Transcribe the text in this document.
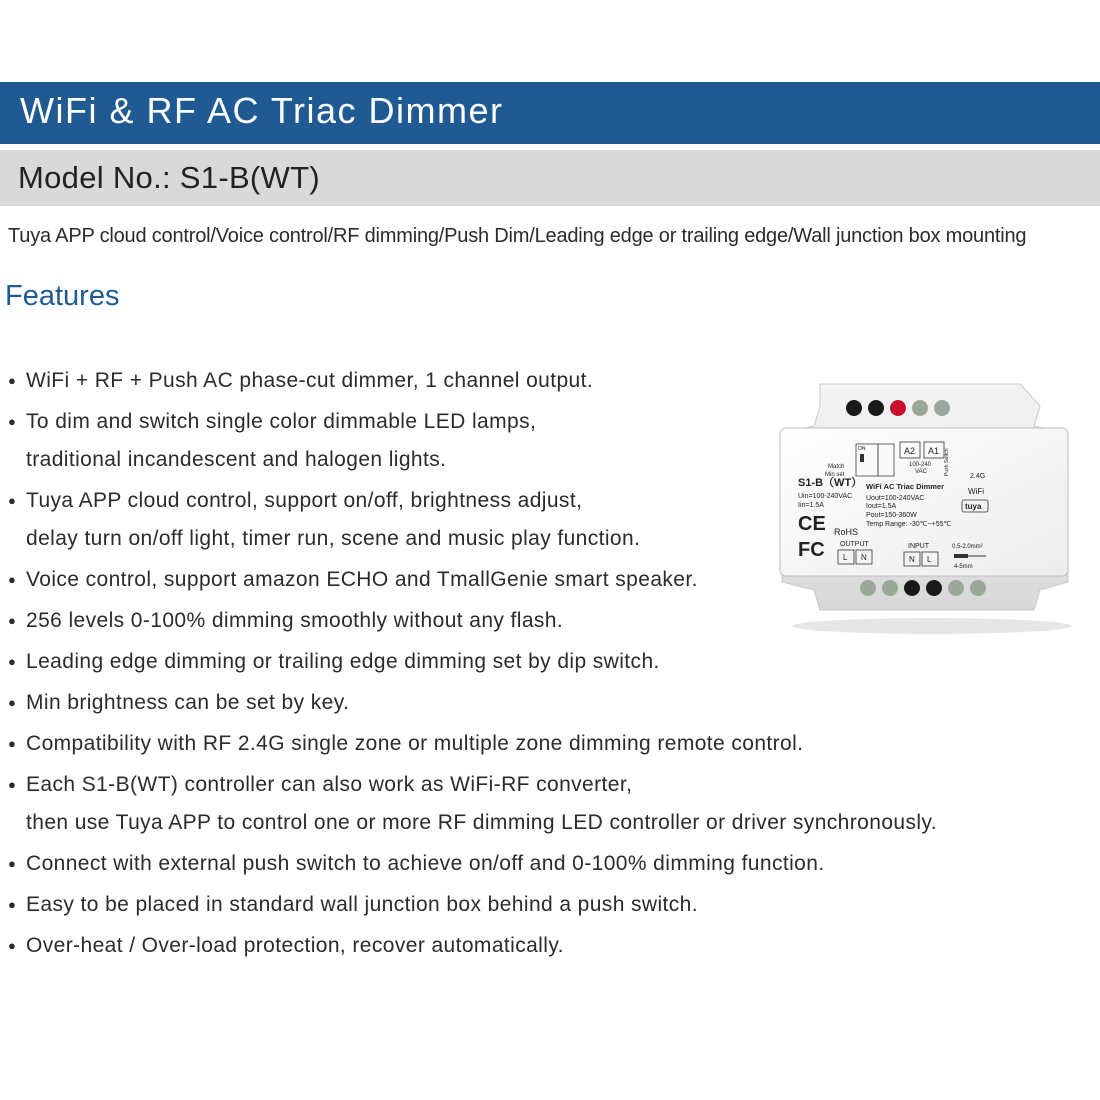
WiFi & RF AC Triac Dimmer
Model No.: S1-B(WT)
Tuya APP cloud control/Voice control/RF dimming/Push Dim/Leading edge or trailing edge/Wall junction box mounting
Features
● WiFi + RF + Push AC phase-cut dimmer, 1 channel output.
● To dim and switch single color dimmable LED lamps,
traditional incandescent and halogen lights.
● Tuya APP cloud control, support on/off, brightness adjust,
delay turn on/off light, timer run, scene and music play function.
● Voice control, support amazon ECHO and TmallGenie smart speaker.
● 256 levels 0-100% dimming smoothly without any flash.
● Leading edge dimming or trailing edge dimming set by dip switch.
● Min brightness can be set by key.
● Compatibility with RF 2.4G single zone or multiple zone dimming remote control.
● Each S1-B(WT) controller can also work as WiFi-RF converter,
then use Tuya APP to control one or more RF dimming LED controller or driver synchronously.
● Connect with external push switch to achieve on/off and 0-100% dimming function.
● Easy to be placed in standard wall junction box behind a push switch.
● Over-heat / Over-load protection, recover automatically.
Match
Min set
ON	A2 A1
100-240
VAC	Push Switch
2.4G
S1-B（WT） WiFi AC Triac Dimmer
Uin=100-240VAC
Iin=1.5A
Uout=100-240VAC
Iout=1.5A
Pout=150-360W
Temp Range: -30℃~+55℃
WiFi
tuya
CE RoHS
FC OUTPUT
L N
INPUT
N L
0.5-2.0mm²
4-5mm
